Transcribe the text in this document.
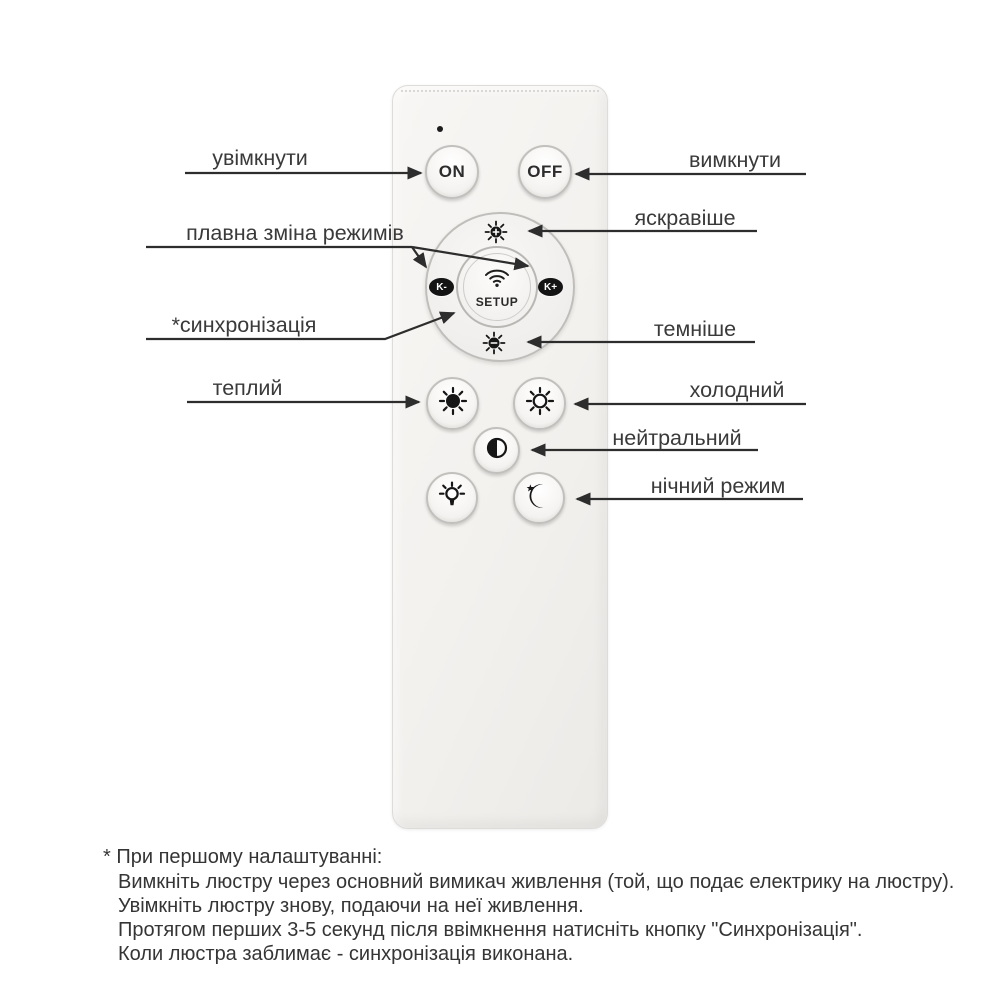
ON	OFF
K-	K+
SETUP
увімкнути	вимкнути
плавна зміна режимів
яскравіше
*синхронізація	темніше
теплий	холодний
нейтральний
нічний режим
* При першому налаштуванні:
Вимкніть люстру через основний вимикач живлення (той, що подає електрику на люстру).
Увімкніть люстру знову, подаючи на неї живлення.
Протягом перших 3-5 секунд після ввімкнення натисніть кнопку "Синхронізація".
Коли люстра заблимає - синхронізація виконана.
